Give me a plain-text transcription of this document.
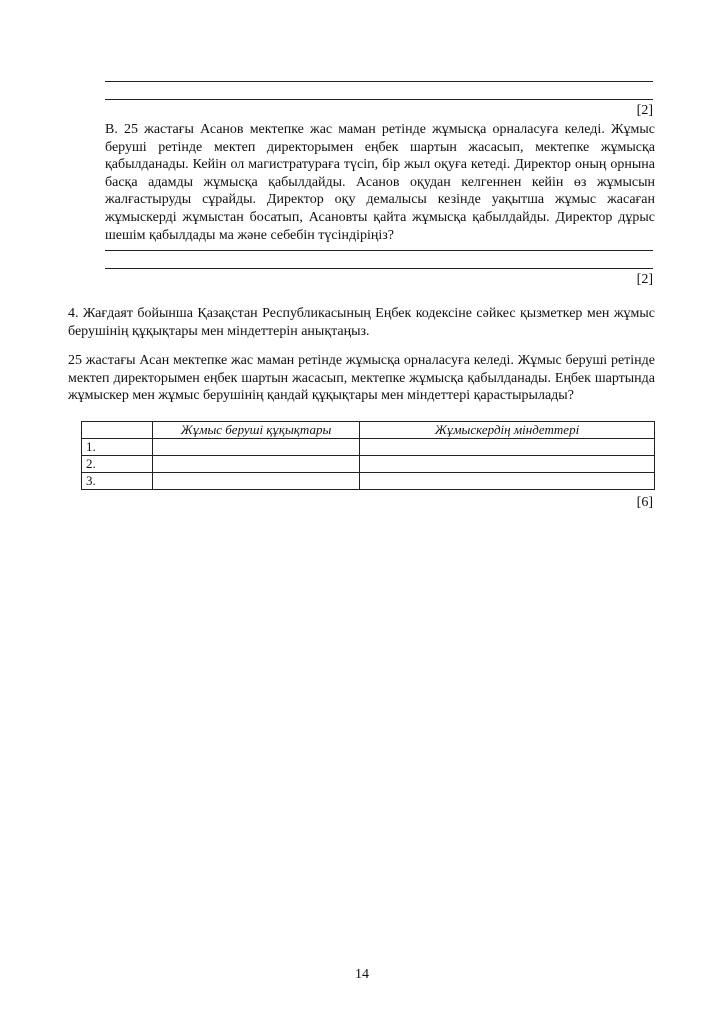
[2]

В. 25 жастағы Асанов мектепке жас маман ретінде жұмысқа орналасуға келеді. Жұмыс беруші ретінде мектеп директорымен еңбек шартын жасасып, мектепке жұмысқа қабылданады. Кейін ол магистратураға түсіп, бір жыл оқуға кетеді. Директор оның орнына басқа адамды жұмысқа қабылдайды. Асанов оқудан келгеннен кейін өз жұмысын жалғастыруды сұрайды. Директор оқу демалысы кезінде уақытша жұмыс жасаған жұмыскерді жұмыстан босатып, Асановты қайта жұмысқа қабылдайды. Директор дұрыс шешім қабылдады ма және себебін түсіндіріңіз?

[2]

4. Жағдаят бойынша Қазақстан Республикасының Еңбек кодексіне сәйкес қызметкер мен жұмыс берушінің құқықтары мен міндеттерін анықтаңыз.

25 жастағы Асан мектепке жас маман ретінде жұмысқа орналасуға келеді. Жұмыс беруші ретінде мектеп директорымен еңбек шартын жасасып, мектепке жұмысқа қабылданады. Еңбек шартында жұмыскер мен жұмыс берушінің қандай құқықтары мен міндеттері қарастырылады?

	Жұмыс беруші құқықтары	Жұмыскердің міндеттері
1.		
2.		
3.		
[6]
14
